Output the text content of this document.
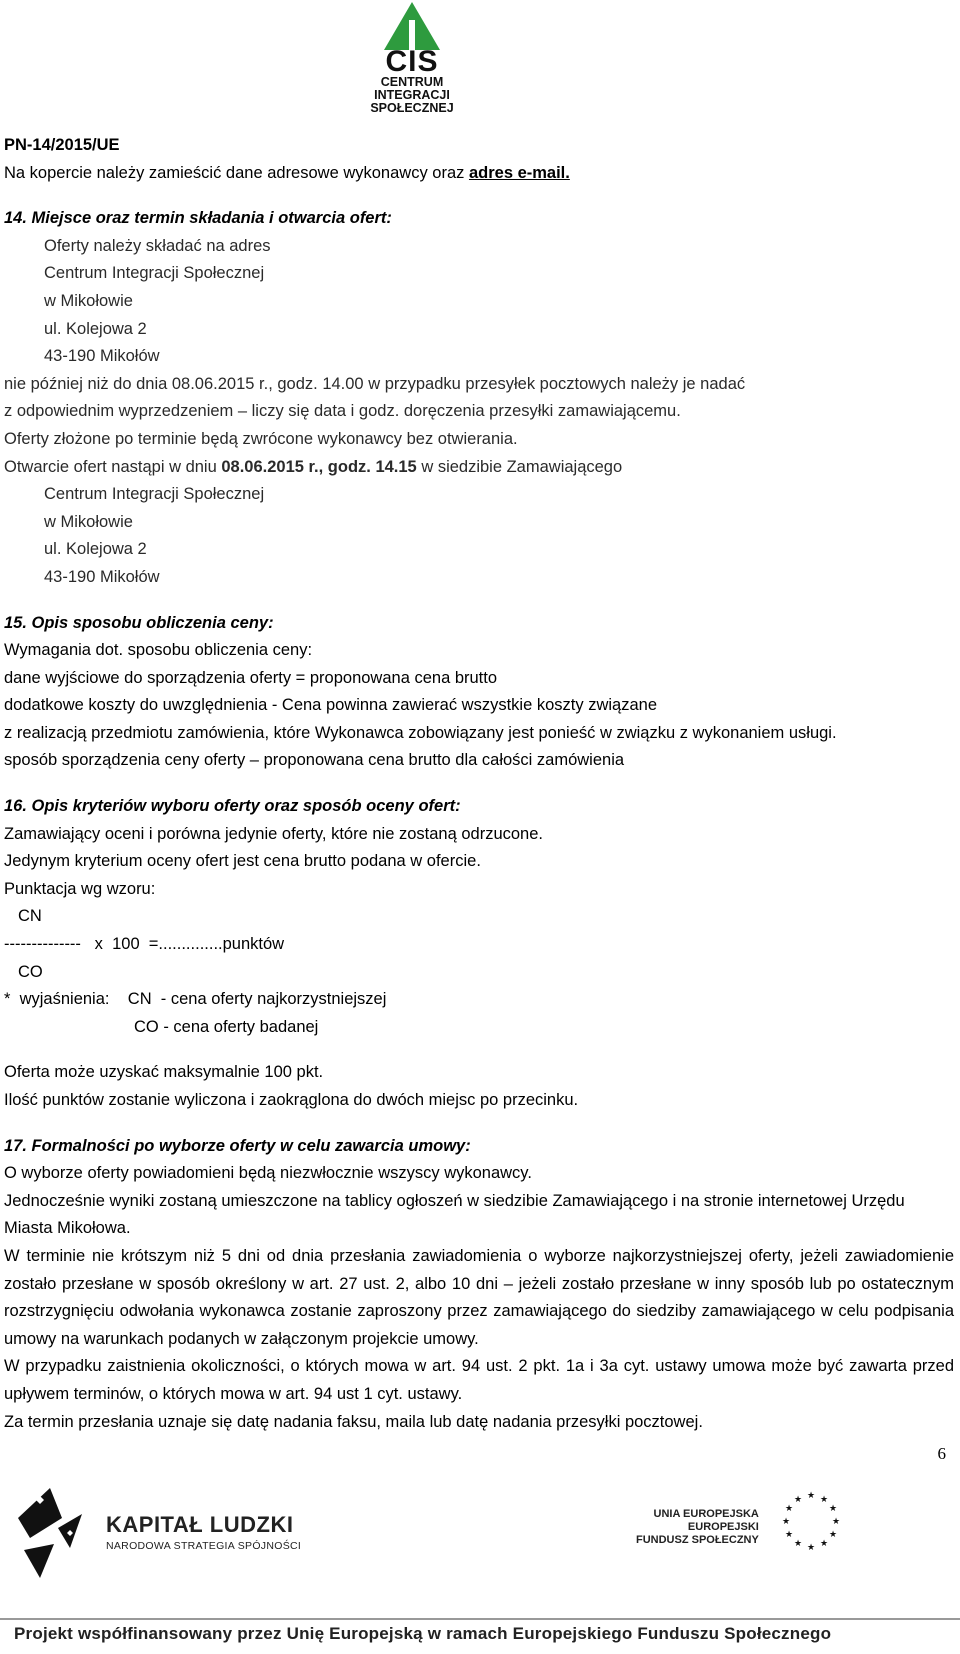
CIS
CENTRUM
INTEGRACJI
SPOŁECZNEJ

PN-14/2015/UE

Na kopercie należy zamieścić dane adresowe wykonawcy oraz adres e-mail.

14. Miejsce oraz termin składania i otwarcia ofert:

Oferty należy składać na adres

Centrum Integracji Społecznej

w Mikołowie

ul. Kolejowa 2

43-190 Mikołów

nie później niż do dnia 08.06.2015 r., godz. 14.00 w przypadku przesyłek pocztowych należy je nadać

z odpowiednim wyprzedzeniem – liczy się data i godz. doręczenia przesyłki zamawiającemu.

Oferty złożone po terminie będą zwrócone wykonawcy bez otwierania.

Otwarcie ofert nastąpi w dniu 08.06.2015 r., godz. 14.15 w siedzibie Zamawiającego

Centrum Integracji Społecznej

w Mikołowie

ul. Kolejowa 2

43-190 Mikołów

15. Opis sposobu obliczenia ceny:

Wymagania dot. sposobu obliczenia ceny:

dane wyjściowe do sporządzenia oferty = proponowana cena brutto

dodatkowe koszty do uwzględnienia - Cena powinna zawierać wszystkie koszty związane

z realizacją przedmiotu zamówienia, które Wykonawca zobowiązany jest ponieść w związku z wykonaniem usługi.

sposób sporządzenia ceny oferty – proponowana cena brutto dla całości zamówienia

16. Opis kryteriów wyboru oferty oraz sposób oceny ofert:

Zamawiający oceni i porówna jedynie oferty, które nie zostaną odrzucone.

Jedynym kryterium oceny ofert jest cena brutto podana w ofercie.

Punktacja wg wzoru:

CN

--------------   x  100  =..............punktów

CO

*  wyjaśnienia:    CN  - cena oferty najkorzystniejszej

CO - cena oferty badanej

Oferta może uzyskać maksymalnie 100 pkt.

Ilość punktów zostanie wyliczona i zaokrąglona do dwóch miejsc po przecinku.

17. Formalności po wyborze oferty w celu zawarcia umowy:

O wyborze oferty powiadomieni będą niezwłocznie wszyscy wykonawcy.

Jednocześnie wyniki zostaną umieszczone na tablicy ogłoszeń w siedzibie Zamawiającego i na stronie internetowej Urzędu Miasta Mikołowa.

W terminie nie krótszym niż 5 dni od dnia przesłania zawiadomienia o wyborze najkorzystniejszej oferty, jeżeli zawiadomienie zostało przesłane w sposób określony w art. 27 ust. 2, albo 10 dni – jeżeli zostało przesłane w inny sposób lub po ostatecznym rozstrzygnięciu odwołania wykonawca zostanie zaproszony przez zamawiającego do siedziby zamawiającego w celu podpisania umowy na warunkach podanych w załączonym projekcie umowy.

W przypadku zaistnienia okoliczności, o których mowa w art. 94 ust. 2 pkt. 1a i 3a cyt. ustawy umowa może być zawarta przed upływem terminów, o których mowa w art. 94 ust 1 cyt. ustawy.

Za termin przesłania uznaje się datę nadania faksu, maila lub datę nadania przesyłki pocztowej.

6
KAPITAŁ LUDZKI
NARODOWA STRATEGIA SPÓJNOŚCI
UNIA EUROPEJSKA
EUROPEJSKI
FUNDUSZ SPOŁECZNY
★ ★
★
★
★
★
★
★
★
★
★
★
Projekt współfinansowany przez Unię Europejską w ramach Europejskiego Funduszu Społecznego
